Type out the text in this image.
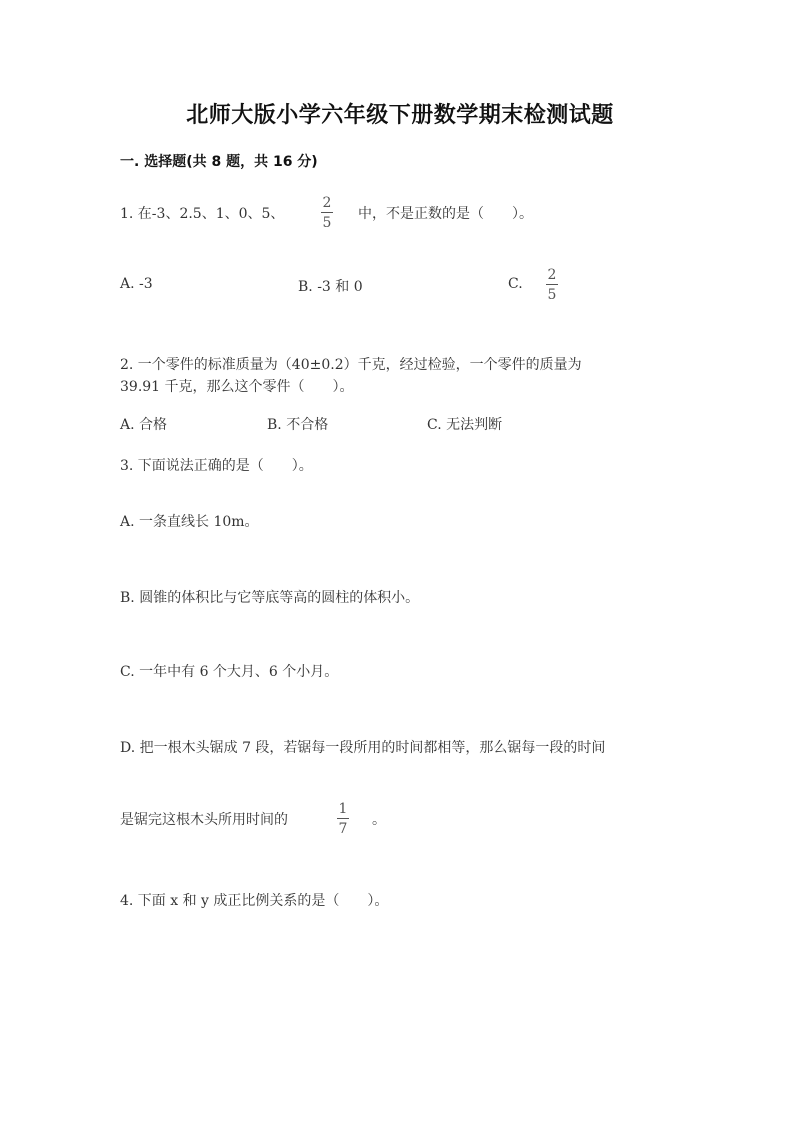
北师大版小学六年级下册数学期末检测试题
一. 选择题(共 8 题，共 16 分)
1. 在-3、2.5、1、0、5、
2
5
中，不是正数的是（　　）。
A. -3	B. -3 和 0	C.
2
5
2. 一个零件的标准质量为（40±0.2）千克，经过检验，一个零件的质量为
39.91 千克，那么这个零件（　　）。
A. 合格	B. 不合格	C. 无法判断
3. 下面说法正确的是（　　）。
A. 一条直线长 10m。
B. 圆锥的体积比与它等底等高的圆柱的体积小。
C. 一年中有 6 个大月、6 个小月。
D. 把一根木头锯成 7 段，若锯每一段所用的时间都相等，那么锯每一段的时间
是锯完这根木头所用时间的
1
7
。
4. 下面 x 和 y 成正比例关系的是（　　）。
